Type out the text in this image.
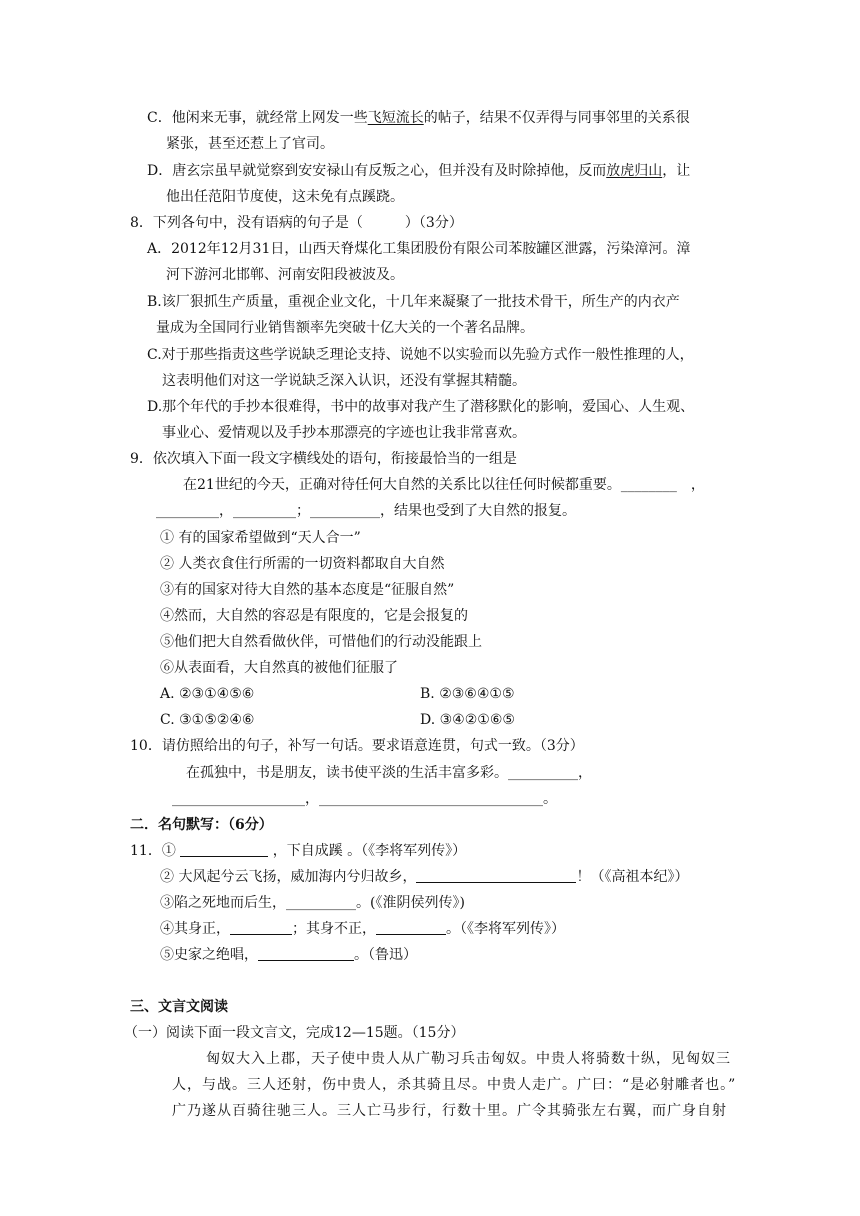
C．他闲来无事，就经常上网发一些飞短流长的帖子，结果不仅弄得与同事邻里的关系很
紧张，甚至还惹上了官司。
D．唐玄宗虽早就觉察到安安禄山有反叛之心，但并没有及时除掉他，反而放虎归山，让
他出任范阳节度使，这未免有点蹊跷。
8．下列各句中，没有语病的句子是（　　　）（3分）
A．2012年12月31日，山西天脊煤化工集团股份有限公司苯胺罐区泄露，污染漳河。漳
河下游河北邯郸、河南安阳段被波及。
B.该厂狠抓生产质量，重视企业文化，十几年来凝聚了一批技术骨干，所生产的内衣产
量成为全国同行业销售额率先突破十亿大关的一个著名品牌。
C.对于那些指责这些学说缺乏理论支持、说她不以实验而以先验方式作一般性推理的人，
这表明他们对这一学说缺乏深入认识，还没有掌握其精髓。
D.那个年代的手抄本很难得，书中的故事对我产生了潜移默化的影响，爱国心、人生观、
事业心、爱情观以及手抄本那漂亮的字迹也让我非常喜欢。
9．依次填入下面一段文字横线处的语句，衔接最恰当的一组是
在21世纪的今天，正确对待任何大自然的关系比以往任何时候都重要。________　，
_________，_________；__________，结果也受到了大自然的报复。
① 有的国家希望做到“天人合一”
② 人类衣食住行所需的一切资料都取自大自然
③有的国家对待大自然的基本态度是“征服自然”
④然而，大自然的容忍是有限度的，它是会报复的
⑤他们把大自然看做伙伴，可惜他们的行动没能跟上
⑥从表面看，大自然真的被他们征服了
A. ②③①④⑤⑥	B. ②③⑥④①⑤
C. ③①⑤②④⑥	D. ③④②①⑥⑤
10．请仿照给出的句子，补写一句话。要求语意连贯，句式一致。（3分）
在孤独中，书是朋友，读书使平淡的生活丰富多彩。__________，
___________________，________________________________。
二．名句默写：（6分）
11．①	，下自成蹊 。（《李将军列传》）
② 大风起兮云飞扬，威加海内兮归故乡，	！（《高祖本纪》）
③陷之死地而后生，__________。(《淮阴侯列传》)
④其身正，	；其身不正，	。（《李将军列传》）
⑤史家之绝唱，	。（鲁迅）
三、文言文阅读
（一）阅读下面一段文言文，完成12—15题。（15分）
匈奴大入上郡，天子使中贵人从广勒习兵击匈奴。中贵人将骑数十纵，见匈奴三
人，与战。三人还射，伤中贵人，杀其骑且尽。中贵人走广。广曰：“是必射雕者也。”
广乃遂从百骑往驰三人。三人亡马步行，行数十里。广令其骑张左右翼，而广身自射
